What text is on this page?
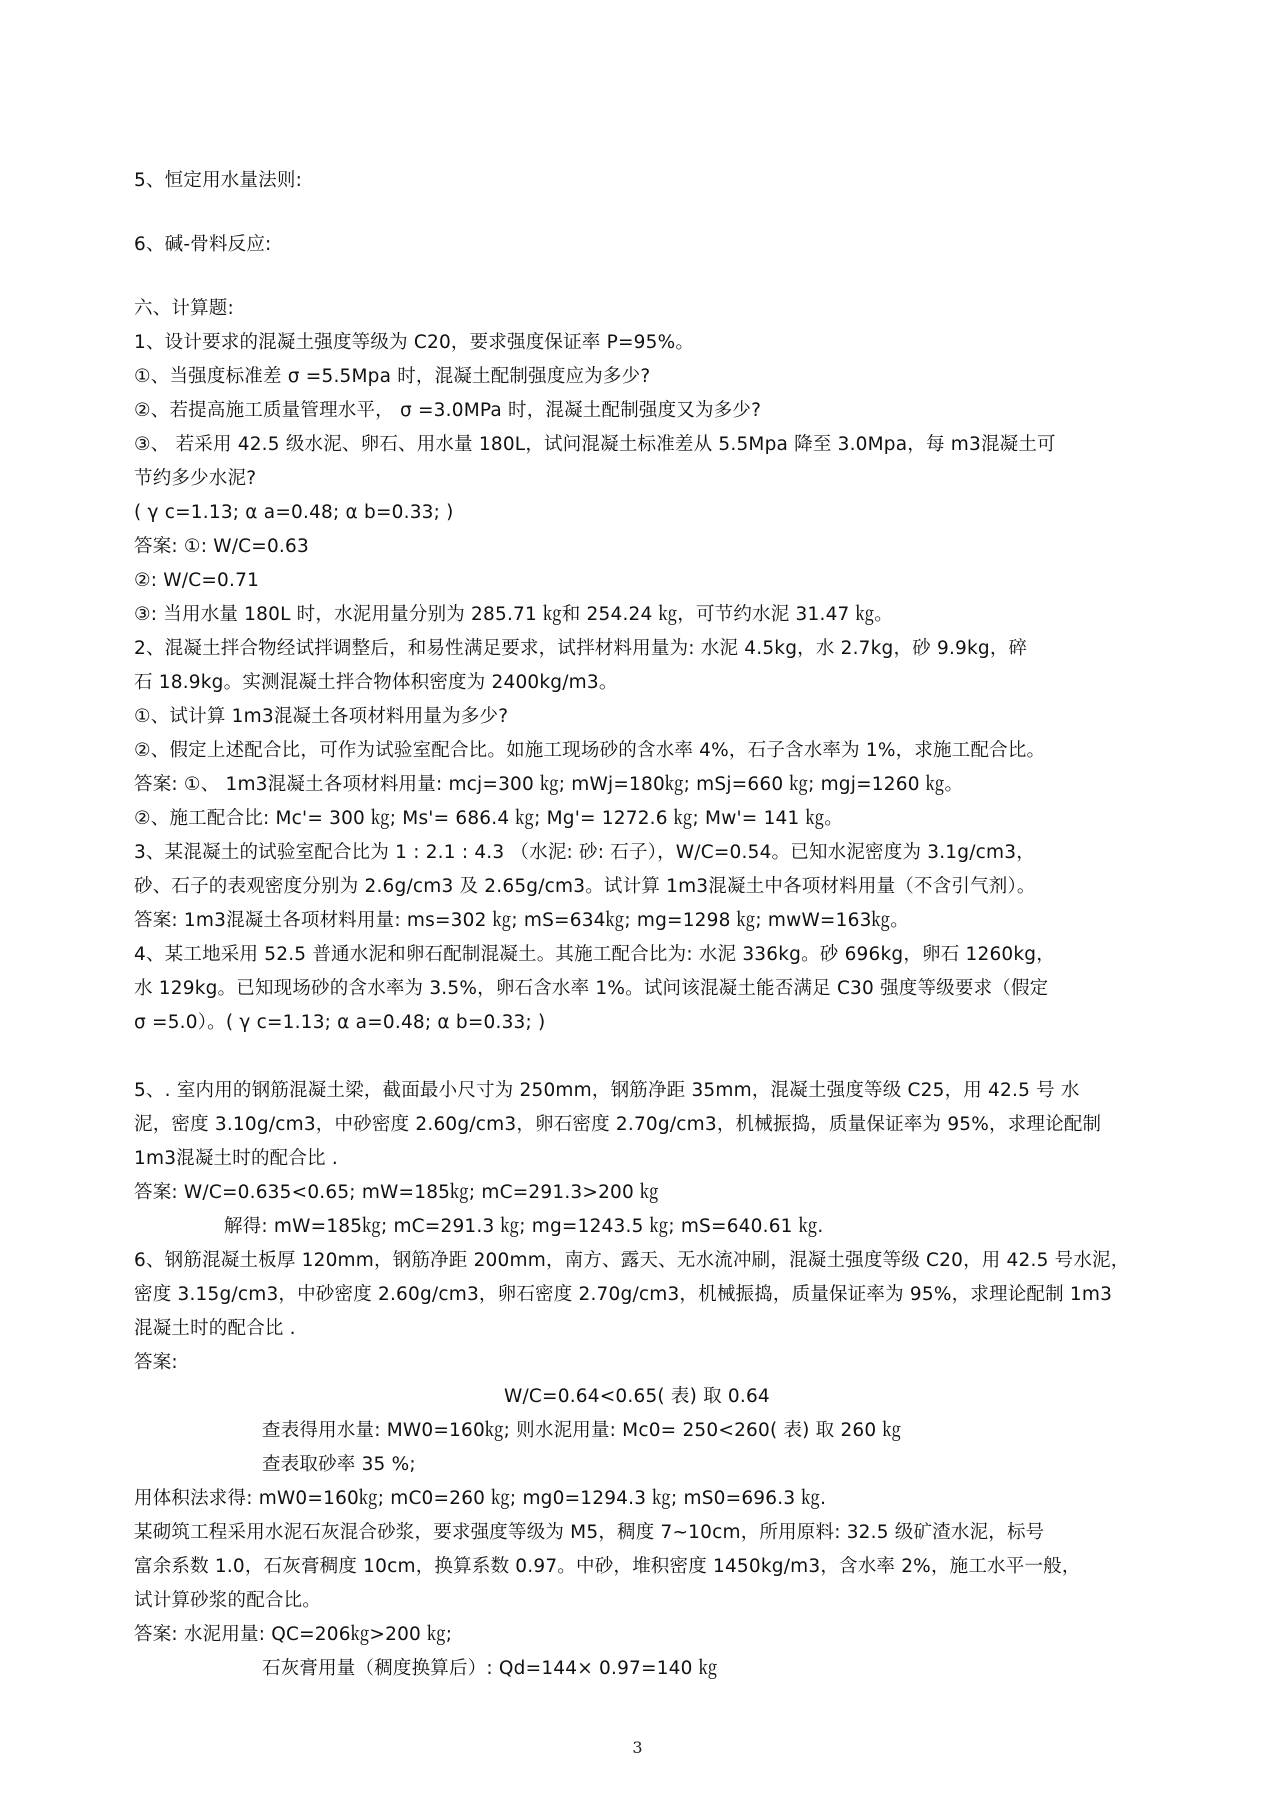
5、恒定用水量法则:
6、碱-骨料反应:
六、计算题:
1、设计要求的混凝土强度等级为 C20，要求强度保证率 P=95%。
①、当强度标准差 σ =5.5Mpa 时，混凝土配制强度应为多少?
②、若提高施工质量管理水平， σ =3.0MPa 时，混凝土配制强度又为多少?
③、 若采用 42.5 级水泥、卵石、用水量 180L，试问混凝土标准差从 5.5Mpa 降至 3.0Mpa，每 m3混凝土可
节约多少水泥?
( γ c=1.13; α a=0.48; α b=0.33; )
答案: ①: W/C=0.63
②: W/C=0.71
③: 当用水量 180L 时，水泥用量分别为 285.71 ㎏和 254.24 ㎏，可节约水泥 31.47 ㎏。
2、混凝土拌合物经试拌调整后，和易性满足要求，试拌材料用量为: 水泥 4.5kg，水 2.7kg，砂 9.9kg，碎
石 18.9kg。实测混凝土拌合物体积密度为 2400kg/m3。
①、试计算 1m3混凝土各项材料用量为多少?
②、假定上述配合比，可作为试验室配合比。如施工现场砂的含水率 4%，石子含水率为 1%，求施工配合比。
答案: ①、 1m3混凝土各项材料用量: mcj=300 ㎏; mWj=180㎏; mSj=660 ㎏; mgj=1260 ㎏。
②、施工配合比: Mc'= 300 ㎏; Ms'= 686.4 ㎏; Mg'= 1272.6 ㎏; Mw'= 141 ㎏。
3、某混凝土的试验室配合比为 1 : 2.1 : 4.3 （水泥: 砂: 石子），W/C=0.54。已知水泥密度为 3.1g/cm3，
砂、石子的表观密度分别为 2.6g/cm3 及 2.65g/cm3。试计算 1m3混凝土中各项材料用量（不含引气剂）。
答案: 1m3混凝土各项材料用量: ms=302 ㎏; mS=634㎏; mg=1298 ㎏; mwW=163㎏。
4、某工地采用 52.5 普通水泥和卵石配制混凝土。其施工配合比为: 水泥 336kg。砂 696kg，卵石 1260kg，
水 129kg。已知现场砂的含水率为 3.5%，卵石含水率 1%。试问该混凝土能否满足 C30 强度等级要求（假定
σ =5.0）。( γ c=1.13; α a=0.48; α b=0.33; )
5、. 室内用的钢筋混凝土梁，截面最小尺寸为 250mm，钢筋净距 35mm，混凝土强度等级 C25，用 42.5 号 水
泥，密度 3.10g/cm3，中砂密度 2.60g/cm3，卵石密度 2.70g/cm3，机械振捣，质量保证率为 95%，求理论配制
1m3混凝土时的配合比 .
答案: W/C=0.635<0.65; mW=185㎏; mC=291.3>200 ㎏
解得: mW=185㎏; mC=291.3 ㎏; mg=1243.5 ㎏; mS=640.61 ㎏.
6、钢筋混凝土板厚 120mm，钢筋净距 200mm，南方、露天、无水流冲刷，混凝土强度等级 C20，用 42.5 号水泥，
密度 3.15g/cm3，中砂密度 2.60g/cm3，卵石密度 2.70g/cm3，机械振捣，质量保证率为 95%，求理论配制 1m3
混凝土时的配合比 .
答案:
W/C=0.64<0.65( 表) 取 0.64
查表得用水量: MW0=160㎏; 则水泥用量: Mc0= 250<260( 表) 取 260 ㎏
查表取砂率 35 %;
用体积法求得: mW0=160㎏; mC0=260 ㎏; mg0=1294.3 ㎏; mS0=696.3 ㎏.
某砌筑工程采用水泥石灰混合砂浆，要求强度等级为 M5，稠度 7~10cm，所用原料: 32.5 级矿渣水泥，标号
富余系数 1.0，石灰膏稠度 10cm，换算系数 0.97。中砂，堆积密度 1450kg/m3，含水率 2%，施工水平一般，
试计算砂浆的配合比。
答案: 水泥用量: QC=206㎏>200 ㎏;
石灰膏用量（稠度换算后）: Qd=144× 0.97=140 ㎏
3
